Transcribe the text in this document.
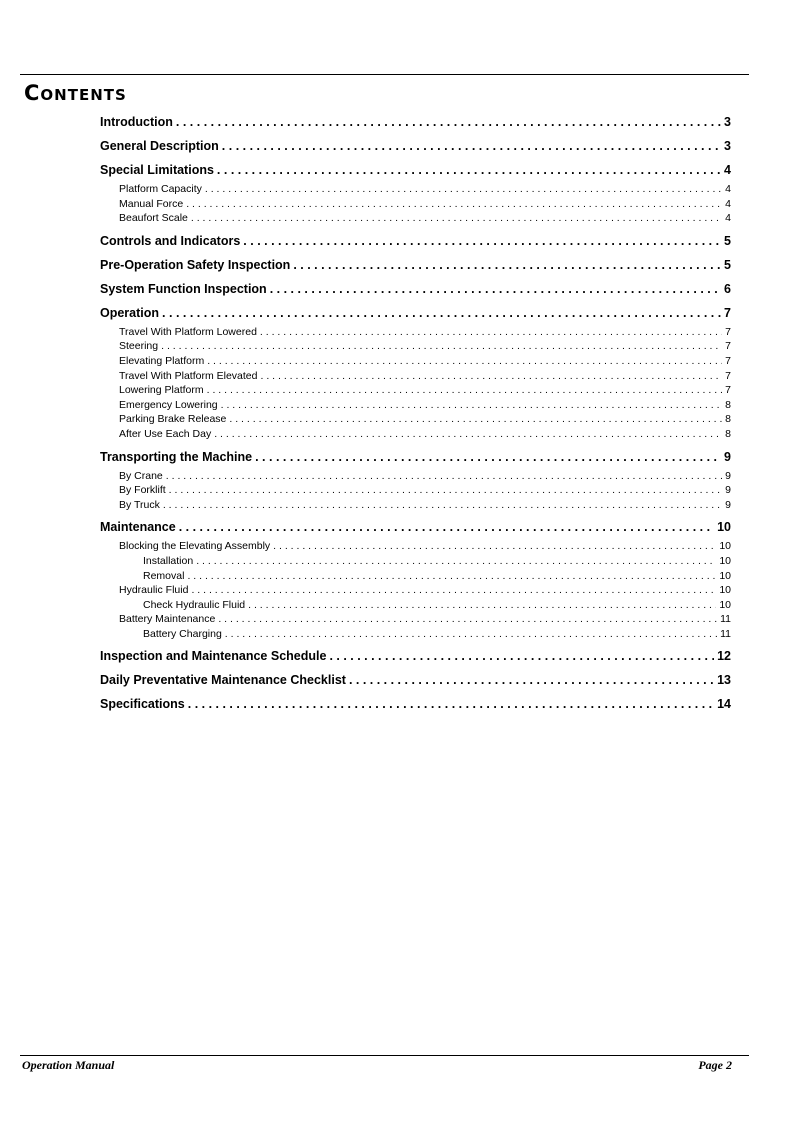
Contents
Introduction . . .	3
General Description . . .	3
Special Limitations . . .	4
Platform Capacity . . .	4
Manual Force . . .	4
Beaufort Scale . . .	4
Controls and Indicators . . .	5
Pre-Operation Safety Inspection . . .	5
System Function Inspection . . .	6
Operation . . .	7
Travel With Platform Lowered . . .	7
Steering . . .	7
Elevating Platform . . .	7
Travel With Platform Elevated . . .	7
Lowering Platform . . .	7
Emergency Lowering . . .	8
Parking Brake Release . . .	8
After Use Each Day . . .	8
Transporting the Machine . . .	9
By Crane . . .	9
By Forklift . . .	9
By Truck . . .	9
Maintenance . . .	10
Blocking the Elevating Assembly . . .	10
Installation . . .	10
Removal . . .	10
Hydraulic Fluid . . .	10
Check Hydraulic Fluid . . .	10
Battery Maintenance . . .	11
Battery Charging . . .	11
Inspection and Maintenance Schedule . . .	12
Daily Preventative Maintenance Checklist . . .	13
Specifications . . .	14
Operation Manual	Page 2
